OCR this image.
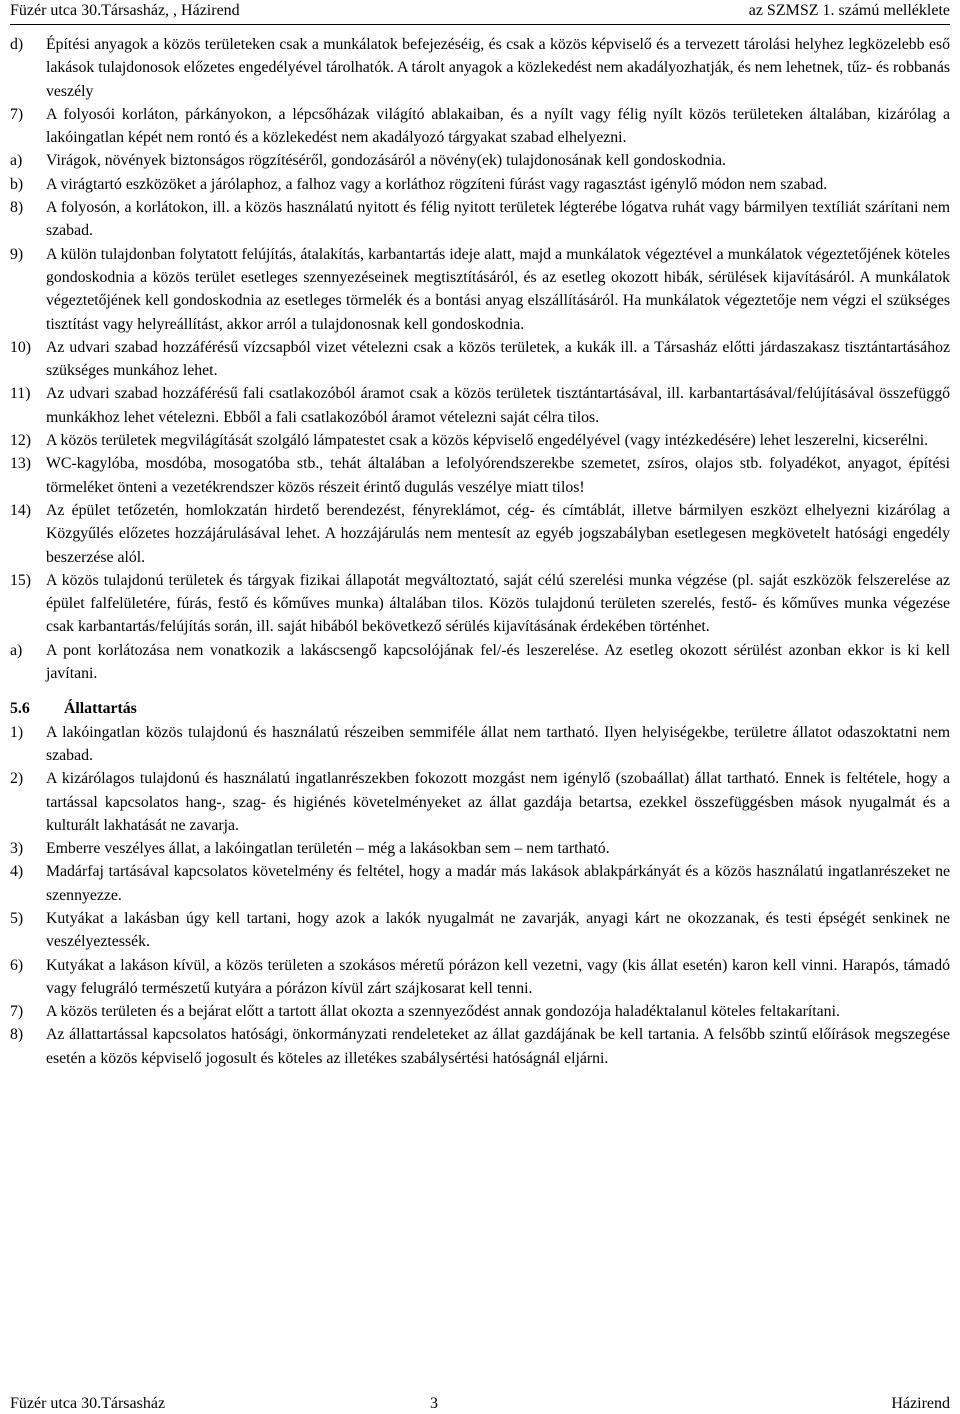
Füzér utca 30.Társasház, , Házirend	az SZMSZ 1. számú melléklete
d) Építési anyagok a közös területeken csak a munkálatok befejezéséig, és csak a közös képviselő és a tervezett tárolási helyhez legközelebb eső lakások tulajdonosok előzetes engedélyével tárolhatók. A tárolt anyagok a közlekedést nem akadályozhatják, és nem lehetnek, tűz- és robbanás veszély
7) A folyosói korláton, párkányokon, a lépcsőházak világító ablakaiban, és a nyílt vagy félig nyílt közös területeken általában, kizárólag a lakóingatlan képét nem rontó és a közlekedést nem akadályozó tárgyakat szabad elhelyezni.
a) Virágok, növények biztonságos rögzítéséről, gondozásáról a növény(ek) tulajdonosának kell gondoskodnia.
b) A virágtartó eszközöket a járólaphoz, a falhoz vagy a korláthoz rögzíteni fúrást vagy ragasztást igénylő módon nem szabad.
8) A folyosón, a korlátokon, ill. a közös használatú nyitott és félig nyitott területek légterébe lógatva ruhát vagy bármilyen textíliát szárítani nem szabad.
9) A külön tulajdonban folytatott felújítás, átalakítás, karbantartás ideje alatt, majd a munkálatok végeztével a munkálatok végeztetőjének köteles gondoskodnia a közös terület esetleges szennyezéseinek megtisztításáról, és az esetleg okozott hibák, sérülések kijavításáról. A munkálatok végeztetőjének kell gondoskodnia az esetleges törmelék és a bontási anyag elszállításáról. Ha munkálatok végeztetője nem végzi el szükséges tisztítást vagy helyreállítást, akkor arról a tulajdonosnak kell gondoskodnia.
10) Az udvari szabad hozzáférésű vízcsapból vizet vételezni csak a közös területek, a kukák ill. a Társasház előtti járdaszakasz tisztántartásához szükséges munkához lehet.
11) Az udvari szabad hozzáférésű fali csatlakozóból áramot csak a közös területek tisztántartásával, ill. karbantartásával/felújításával összefüggő munkákhoz lehet vételezni. Ebből a fali csatlakozóból áramot vételezni saját célra tilos.
12) A közös területek megvilágítását szolgáló lámpatestet csak a közös képviselő engedélyével (vagy intézkedésére) lehet leszerelni, kicserélni.
13) WC-kagylóba, mosdóba, mosogatóba stb., tehát általában a lefolyórendszerekbe szemetet, zsíros, olajos stb. folyadékot, anyagot, építési törmeléket önteni a vezetékrendszer közös részeit érintő dugulás veszélye miatt tilos!
14) Az épület tetőzetén, homlokzatán hirdető berendezést, fényreklámot, cég- és címtáblát, illetve bármilyen eszközt elhelyezni kizárólag a Közgyűlés előzetes hozzájárulásával lehet. A hozzájárulás nem mentesít az egyéb jogszabályban esetlegesen megkövetelt hatósági engedély beszerzése alól.
15) A közös tulajdonú területek és tárgyak fizikai állapotát megváltoztató, saját célú szerelési munka végzése (pl. saját eszközök felszerelése az épület falfelületére, fúrás, festő és kőműves munka) általában tilos. Közös tulajdonú területen szerelés, festő- és kőműves munka végezése csak karbantartás/felújítás során, ill. saját hibából bekövetkező sérülés kijavításának érdekében történhet.
a) A pont korlátozása nem vonatkozik a lakáscsengő kapcsolójának fel/-és leszerelése. Az esetleg okozott sérülést azonban ekkor is ki kell javítani.
5.6 Állattartás
1) A lakóingatlan közös tulajdonú és használatú részeiben semmiféle állat nem tartható. Ilyen helyiségekbe, területre állatot odaszoktatni nem szabad.
2) A kizárólagos tulajdonú és használatú ingatlanrészekben fokozott mozgást nem igénylő (szobaállat) állat tartható. Ennek is feltétele, hogy a tartással kapcsolatos hang-, szag- és higiénés követelményeket az állat gazdája betartsa, ezekkel összefüggésben mások nyugalmát és a kulturált lakhatását ne zavarja.
3) Emberre veszélyes állat, a lakóingatlan területén – még a lakásokban sem – nem tartható.
4) Madárfaj tartásával kapcsolatos követelmény és feltétel, hogy a madár más lakások ablakpárkányát és a közös használatú ingatlanrészeket ne szennyezze.
5) Kutyákat a lakásban úgy kell tartani, hogy azok a lakók nyugalmát ne zavarják, anyagi kárt ne okozzanak, és testi épségét senkinek ne veszélyeztessék.
6) Kutyákat a lakáson kívül, a közös területen a szokásos méretű pórázon kell vezetni, vagy (kis állat esetén) karon kell vinni. Harapós, támadó vagy felugráló természetű kutyára a pórázon kívül zárt szájkosarat kell tenni.
7) A közös területen és a bejárat előtt a tartott állat okozta a szennyeződést annak gondozója haladéktalanul köteles feltakarítani.
8) Az állattartással kapcsolatos hatósági, önkormányzati rendeleteket az állat gazdájának be kell tartania. A felsőbb szintű előírások megszegése esetén a közös képviselő jogosult és köteles az illetékes szabálysértési hatóságnál eljárni.
Füzér utca 30.Társasház	3	Házirend
